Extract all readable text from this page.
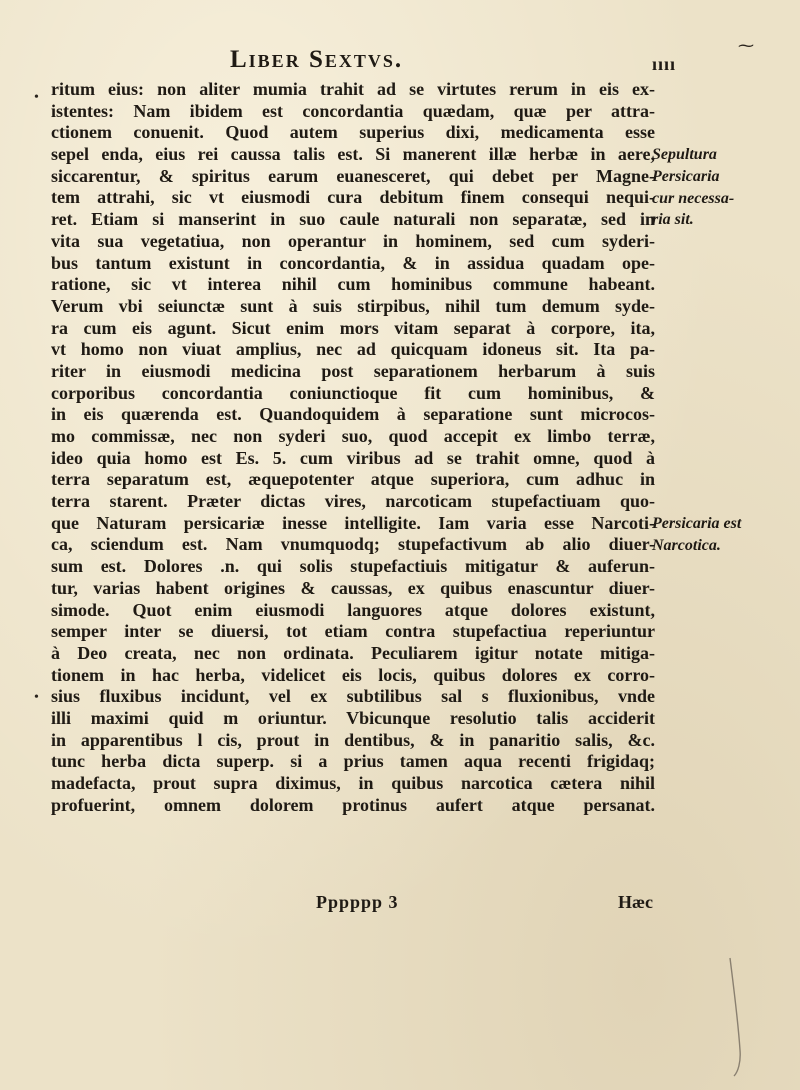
⁓
Liber Sextvs.	ıııı
•
•
ritum eius: non aliter mumia trahit ad se virtutes rerum in eis ex-
istentes: Nam ibidem est concordantia quædam, quæ per attra-
ctionem conuenit. Quod autem superius dixi, medicamenta esse
sepel enda, eius rei caussa talis est. Si manerent illæ herbæ in aere,
siccarentur, & spiritus earum euanesceret, qui debet per Magne-
tem attrahi, sic vt eiusmodi cura debitum finem consequi nequi-
ret. Etiam si manserint in suo caule naturali non separatæ, sed in
vita sua vegetatiua, non operantur in hominem, sed cum syderi-
bus tantum existunt in concordantia, & in assidua quadam ope-
ratione, sic vt interea nihil cum hominibus commune habeant.
Verum vbi seiunctæ sunt à suis stirpibus, nihil tum demum syde-
ra cum eis agunt. Sicut enim mors vitam separat à corpore, ita,
vt homo non viuat amplius, nec ad quicquam idoneus sit. Ita pa-
riter in eiusmodi medicina post separationem herbarum à suis
corporibus concordantia coniunctioque fit cum hominibus, &
in eis quærenda est. Quandoquidem à separatione sunt microcos-
mo commissæ, nec non syderi suo, quod accepit ex limbo terræ,
ideo quia homo est Es. 5. cum viribus ad se trahit omne, quod à
terra separatum est, æquepotenter atque superiora, cum adhuc in
terra starent. Præter dictas vires, narcoticam stupefactiuam quo-
que Naturam persicariæ inesse intelligite. Iam varia esse Narcoti-
ca, sciendum est. Nam vnumquodq; stupefactivum ab alio diuer-
sum est. Dolores .n. qui solis stupefactiuis mitigatur & auferun-
tur, varias habent origines & caussas, ex quibus enascuntur diuer-
simode. Quot enim eiusmodi languores atque dolores existunt,
semper inter se diuersi, tot etiam contra stupefactiua reperiuntur
à Deo creata, nec non ordinata. Peculiarem igitur notate mitiga-
tionem in hac herba, videlicet eis locis, quibus dolores ex corro-
sius fluxibus incidunt, vel ex subtilibus sal s fluxionibus, vnde
illi maximi quid m oriuntur. Vbicunque resolutio talis acciderit
in apparentibus l cis, prout in dentibus, & in panaritio salis, &c.
tunc herba dicta superp. si a prius tamen aqua recenti frigidaq;
madefacta, prout supra diximus, in quibus narcotica cætera nihil
profuerint, omnem dolorem protinus aufert atque persanat.
Sepultura
Persicaria
cur necessa-
ria sit.
Persicaria est
Narcotica.
Pppppp 3	Hæc
